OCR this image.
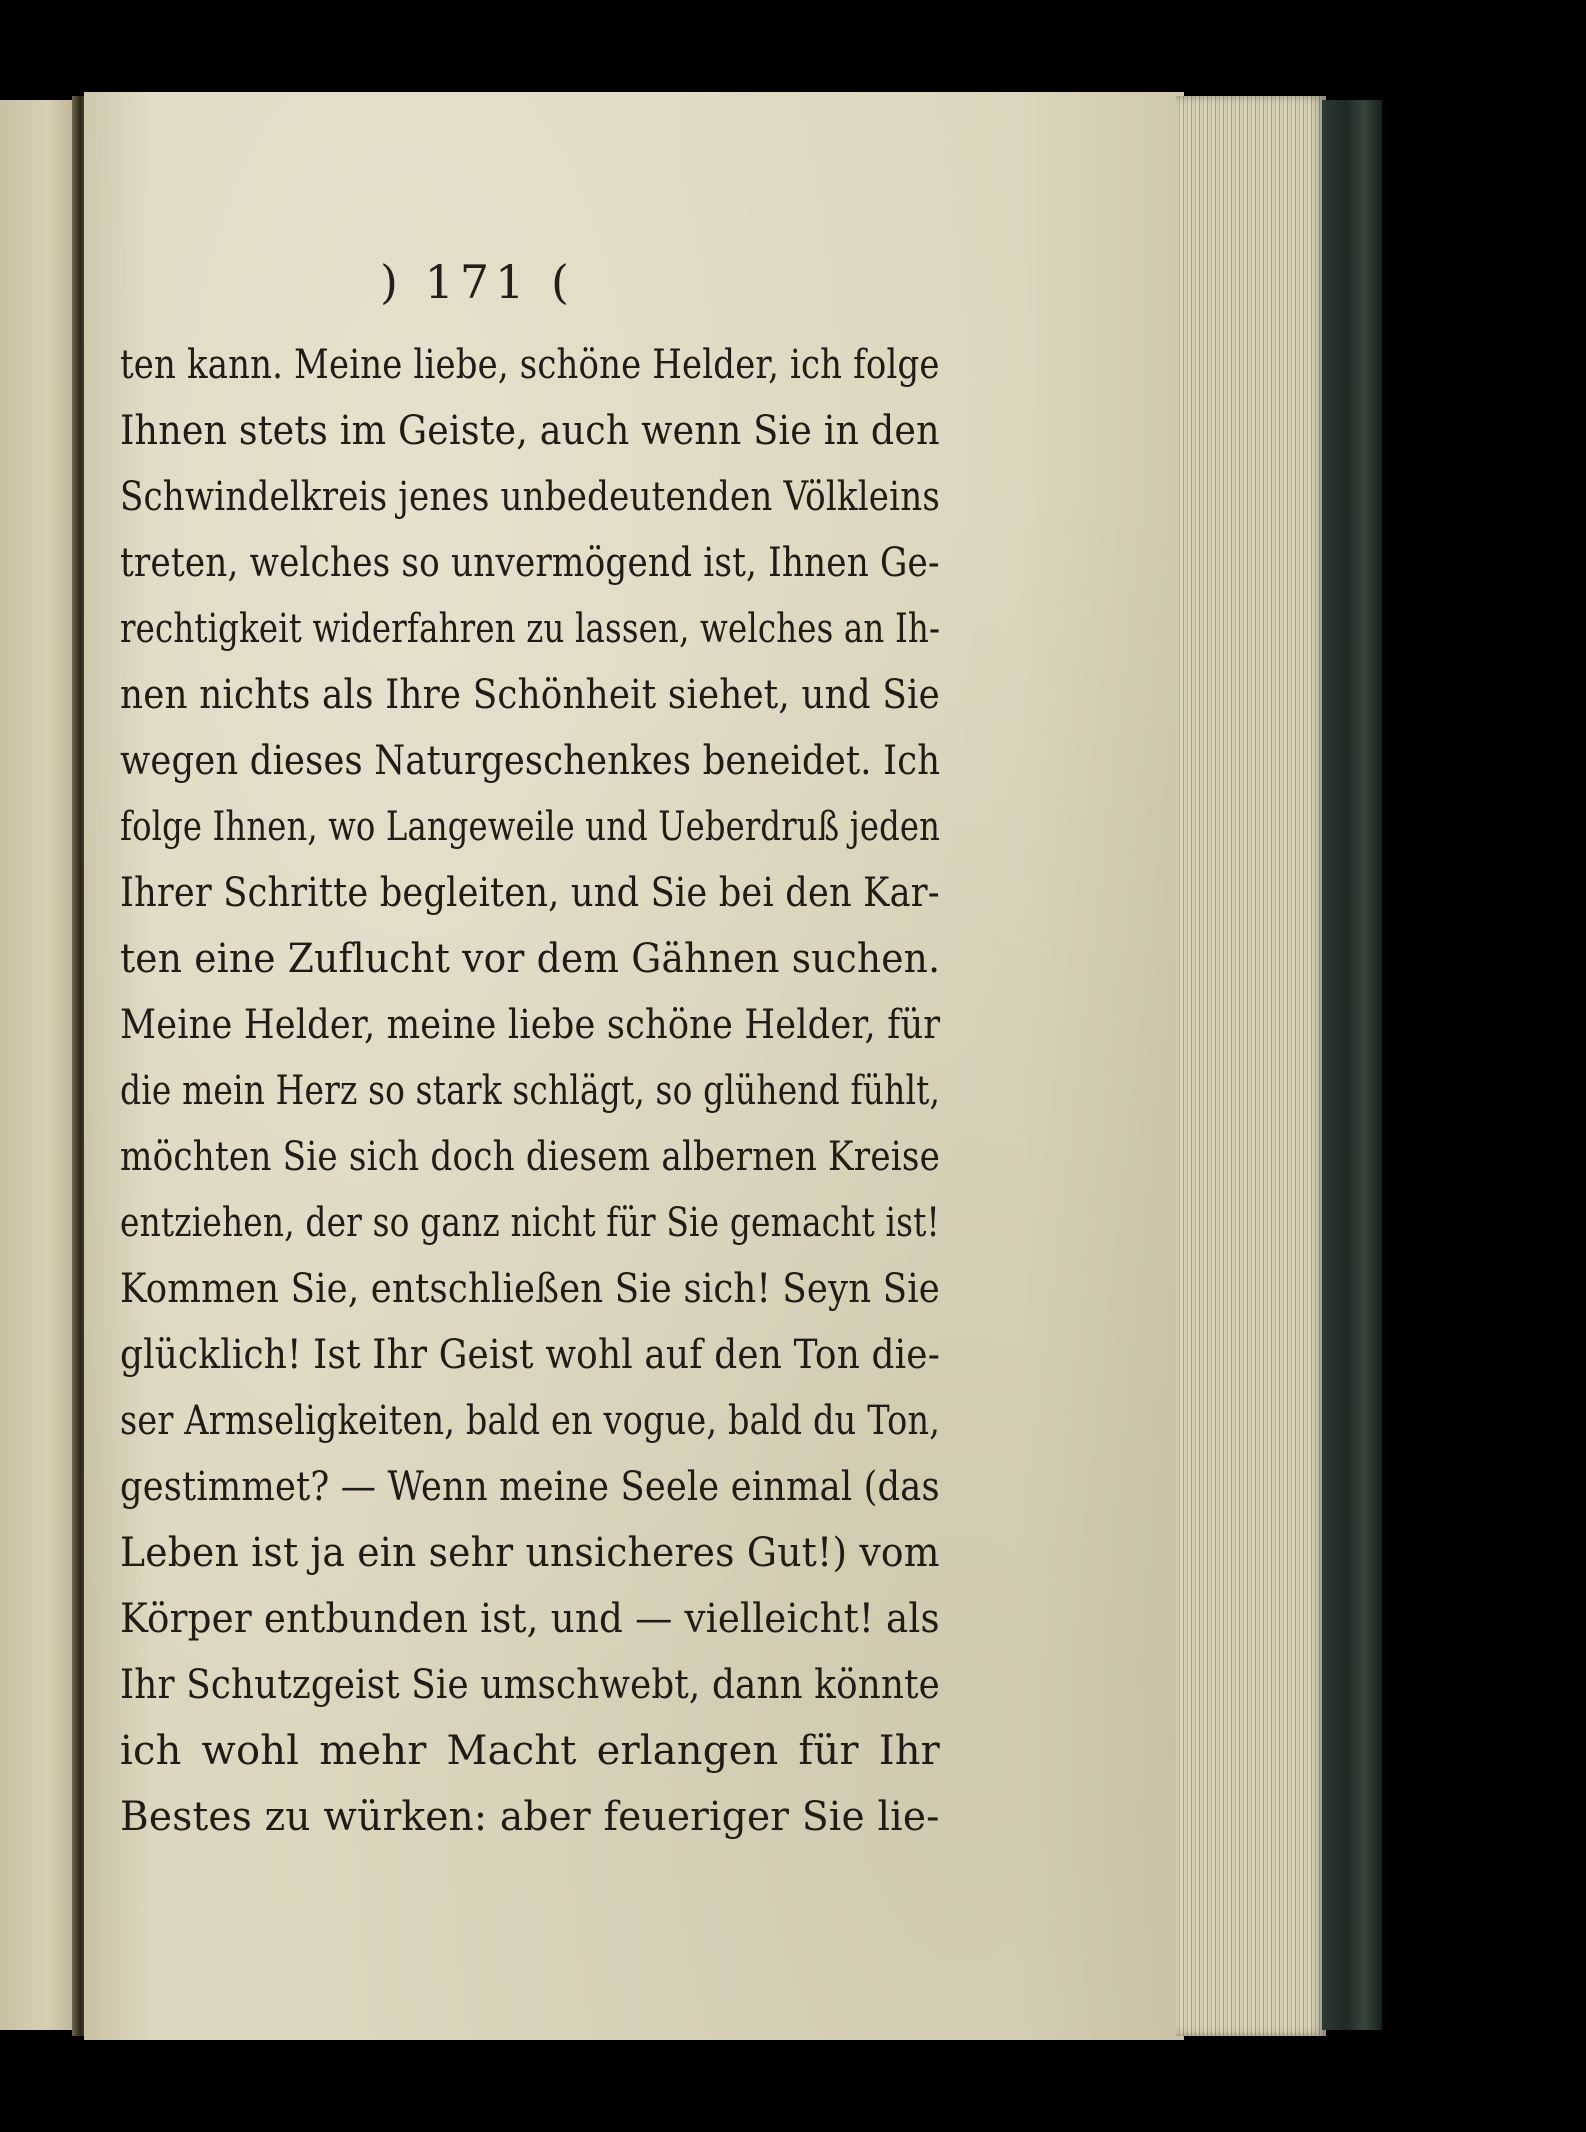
) 171 (
ten kann. Meine liebe, schöne Helder, ich folge
Ihnen stets im Geiste, auch wenn Sie in den
Schwindelkreis jenes unbedeutenden Völkleins
treten, welches so unvermögend ist, Ihnen Ge-
rechtigkeit widerfahren zu lassen, welches an Ih-
nen nichts als Ihre Schönheit siehet, und Sie
wegen dieses Naturgeschenkes beneidet. Ich
folge Ihnen, wo Langeweile und Ueberdruß jeden
Ihrer Schritte begleiten, und Sie bei den Kar-
ten eine Zuflucht vor dem Gähnen suchen.
Meine Helder, meine liebe schöne Helder, für
die mein Herz so stark schlägt, so glühend fühlt,
möchten Sie sich doch diesem albernen Kreise
entziehen, der so ganz nicht für Sie gemacht ist!
Kommen Sie, entschließen Sie sich! Seyn Sie
glücklich! Ist Ihr Geist wohl auf den Ton die-
ser Armseligkeiten, bald en vogue, bald du Ton,
gestimmet? — Wenn meine Seele einmal (das
Leben ist ja ein sehr unsicheres Gut!) vom
Körper entbunden ist, und — vielleicht! als
Ihr Schutzgeist Sie umschwebt, dann könnte
ich wohl mehr Macht erlangen für Ihr
Bestes zu würken: aber feueriger Sie lie-
